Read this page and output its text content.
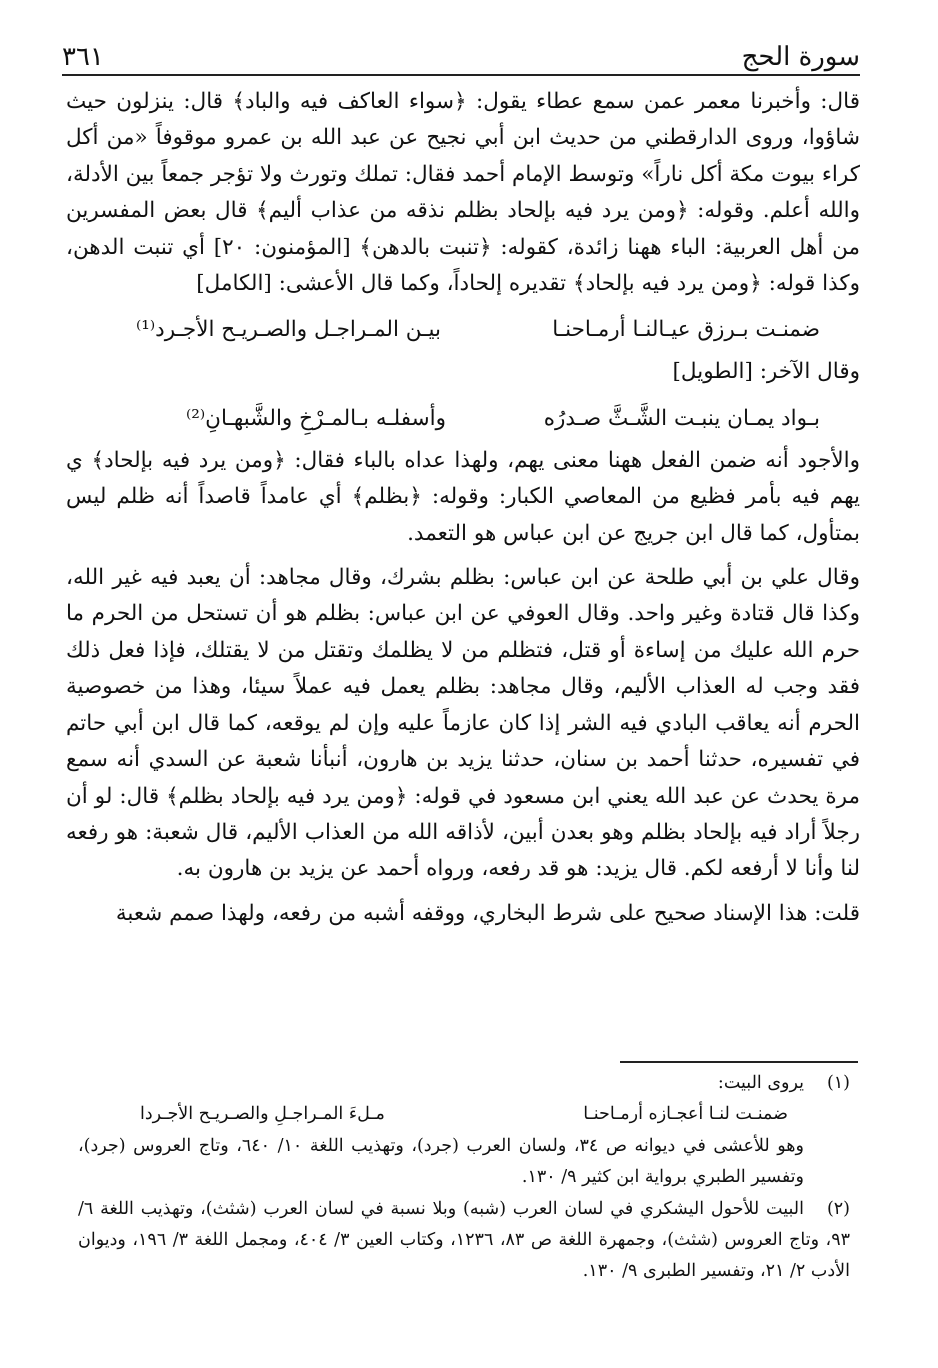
سورة الحج
٣٦١

قال: وأخبرنا معمر عمن سمع عطاء يقول: ﴿سواء العاكف فيه والباد﴾ قال: ينزلون حيث شاؤوا، وروى الدارقطني من حديث ابن أبي نجيح عن عبد الله بن عمرو موقوفاً «من أكل كراء بيوت مكة أكل ناراً» وتوسط الإمام أحمد فقال: تملك وتورث ولا تؤجر جمعاً بين الأدلة، والله أعلم. وقوله: ﴿ومن يرد فيه بإلحاد بظلم نذقه من عذاب أليم﴾ قال بعض المفسرين من أهل العربية: الباء ههنا زائدة، كقوله: ﴿تنبت بالدهن﴾ [المؤمنون: ٢٠] أي تنبت الدهن، وكذا قوله: ﴿ومن يرد فيه بإلحاد﴾ تقديره إلحاداً، وكما قال الأعشى: [الكامل]

ضمنـت بـرزق عيـالنـا أرمـاحنـا
بيـن المـراجـل والصـريـح الأجـرد⁽¹⁾

وقال الآخر: [الطويل]

بـواد يمـان ينبـت الشَّـثَّ صـدرُه
وأسفلـه بـالمـرْخِ والشَّبهـانِ⁽²⁾

والأجود أنه ضمن الفعل ههنا معنى يهم، ولهذا عداه بالباء فقال: ﴿ومن يرد فيه بإلحاد﴾ ي يهم فيه بأمر فظيع من المعاصي الكبار: وقوله: ﴿بظلم﴾ أي عامداً قاصداً أنه ظلم ليس بمتأول، كما قال ابن جريج عن ابن عباس هو التعمد.

وقال علي بن أبي طلحة عن ابن عباس: بظلم بشرك، وقال مجاهد: أن يعبد فيه غير الله، وكذا قال قتادة وغير واحد. وقال العوفي عن ابن عباس: بظلم هو أن تستحل من الحرم ما حرم الله عليك من إساءة أو قتل، فتظلم من لا يظلمك وتقتل من لا يقتلك، فإذا فعل ذلك فقد وجب له العذاب الأليم، وقال مجاهد: بظلم يعمل فيه عملاً سيئا، وهذا من خصوصية الحرم أنه يعاقب البادي فيه الشر إذا كان عازماً عليه وإن لم يوقعه، كما قال ابن أبي حاتم في تفسيره، حدثنا أحمد بن سنان، حدثنا يزيد بن هارون، أنبأنا شعبة عن السدي أنه سمع مرة يحدث عن عبد الله يعني ابن مسعود في قوله: ﴿ومن يرد فيه بإلحاد بظلم﴾ قال: لو أن رجلاً أراد فيه بإلحاد بظلم وهو بعدن أبين، لأذاقه الله من العذاب الأليم، قال شعبة: هو رفعه لنا وأنا لا أرفعه لكم. قال يزيد: هو قد رفعه، ورواه أحمد عن يزيد بن هارون به.

قلت: هذا الإسناد صحيح على شرط البخاري، ووقفه أشبه من رفعه، ولهذا صمم شعبة

(١)يروى البيت:

ضمنـت لنـا أعجـازه أرمـاحنـا
مـلءَ المـراجـلِ والصـريـح الأجـردا

وهو للأعشى في ديوانه ص ٣٤، ولسان العرب (جرد)، وتهذيب اللغة ١٠/ ٦٤٠، وتاج العروس (جرد)، وتفسير الطبري برواية ابن كثير ٩/ ١٣٠.

(٢)البيت للأحول اليشكري في لسان العرب (شبه) وبلا نسبة في لسان العرب (شثث)، وتهذيب اللغة ٦/ ٩٣، وتاج العروس (شثث)، وجمهرة اللغة ص ٨٣، ١٢٣٦، وكتاب العين ٣/ ٤٠٤، ومجمل اللغة ٣/ ١٩٦، وديوان الأدب ٢/ ٢١، وتفسير الطبرى ٩/ ١٣٠.
